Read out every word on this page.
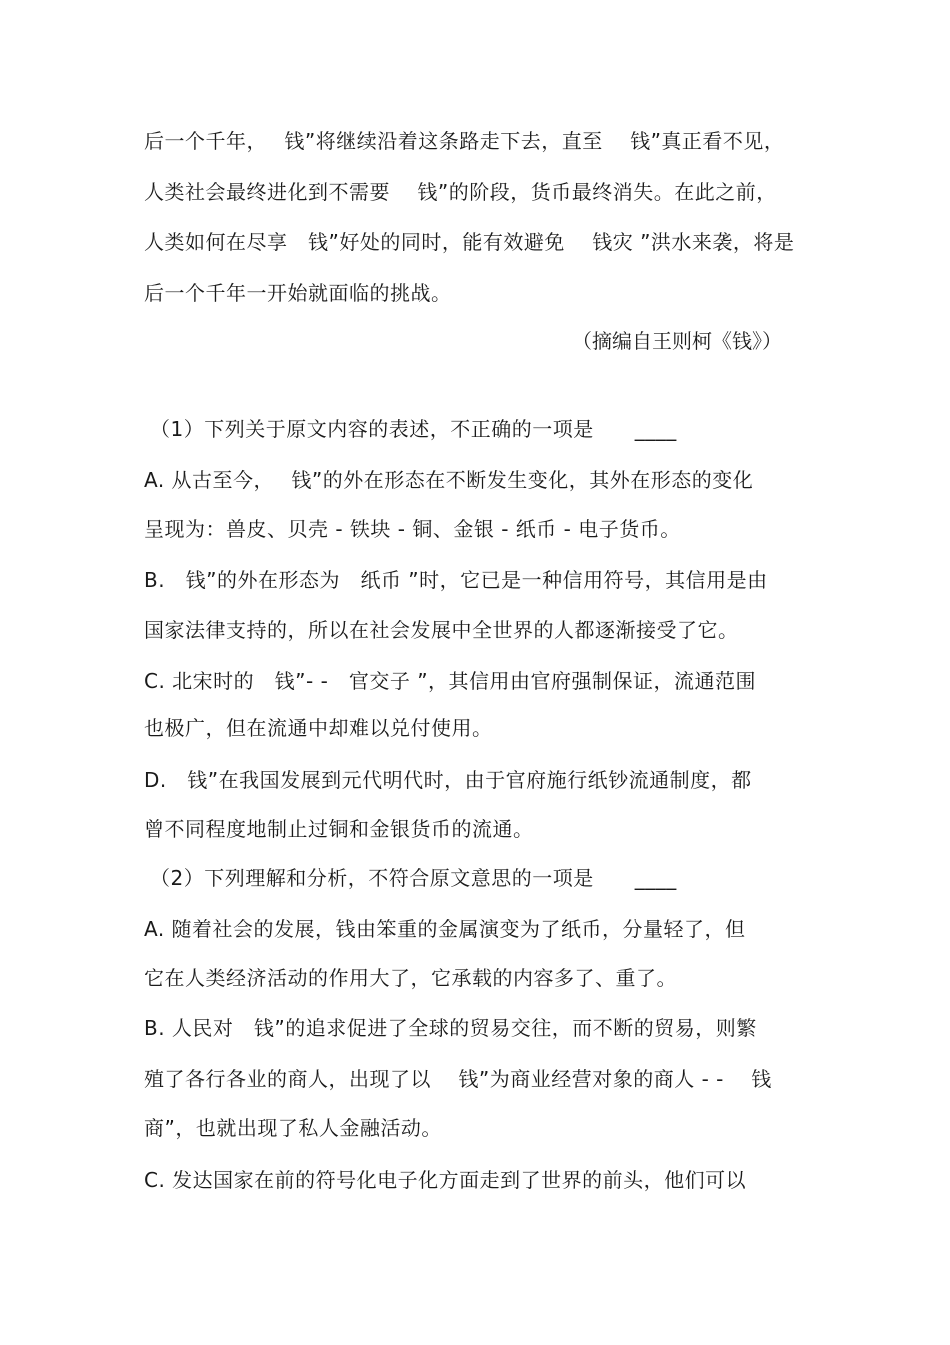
后一个千年，　 钱”将继续沿着这条路走下去，直至　 钱”真正看不见，
人类社会最终进化到不需要　 钱”的阶段，货币最终消失。在此之前，
人类如何在尽享　钱”好处的同时，能有效避免　 钱灾 ”洪水来袭，将是
后一个千年一开始就面临的挑战。
（摘编自王则柯《钱》）
（1）下列关于原文内容的表述，不正确的一项是　　____
A. 从古至今，　 钱”的外在形态在不断发生变化，其外在形态的变化
呈现为：兽皮、贝壳 - 铁块 - 铜、金银 - 纸币 - 电子货币。
B.　钱”的外在形态为　纸币 ”时，它已是一种信用符号，其信用是由
国家法律支持的，所以在社会发展中全世界的人都逐渐接受了它。
C. 北宋时的　钱”- -　官交子 ”，其信用由官府强制保证，流通范围
也极广，但在流通中却难以兑付使用。
D.　钱”在我国发展到元代明代时，由于官府施行纸钞流通制度，都
曾不同程度地制止过铜和金银货币的流通。
（2）下列理解和分析，不符合原文意思的一项是　　____
A. 随着社会的发展，钱由笨重的金属演变为了纸币，分量轻了，但
它在人类经济活动的作用大了，它承载的内容多了、重了。
B. 人民对　钱”的追求促进了全球的贸易交往，而不断的贸易，则繁
殖了各行各业的商人，出现了以　 钱”为商业经营对象的商人 - -　 钱
商”，也就出现了私人金融活动。
C. 发达国家在前的符号化电子化方面走到了世界的前头，他们可以
